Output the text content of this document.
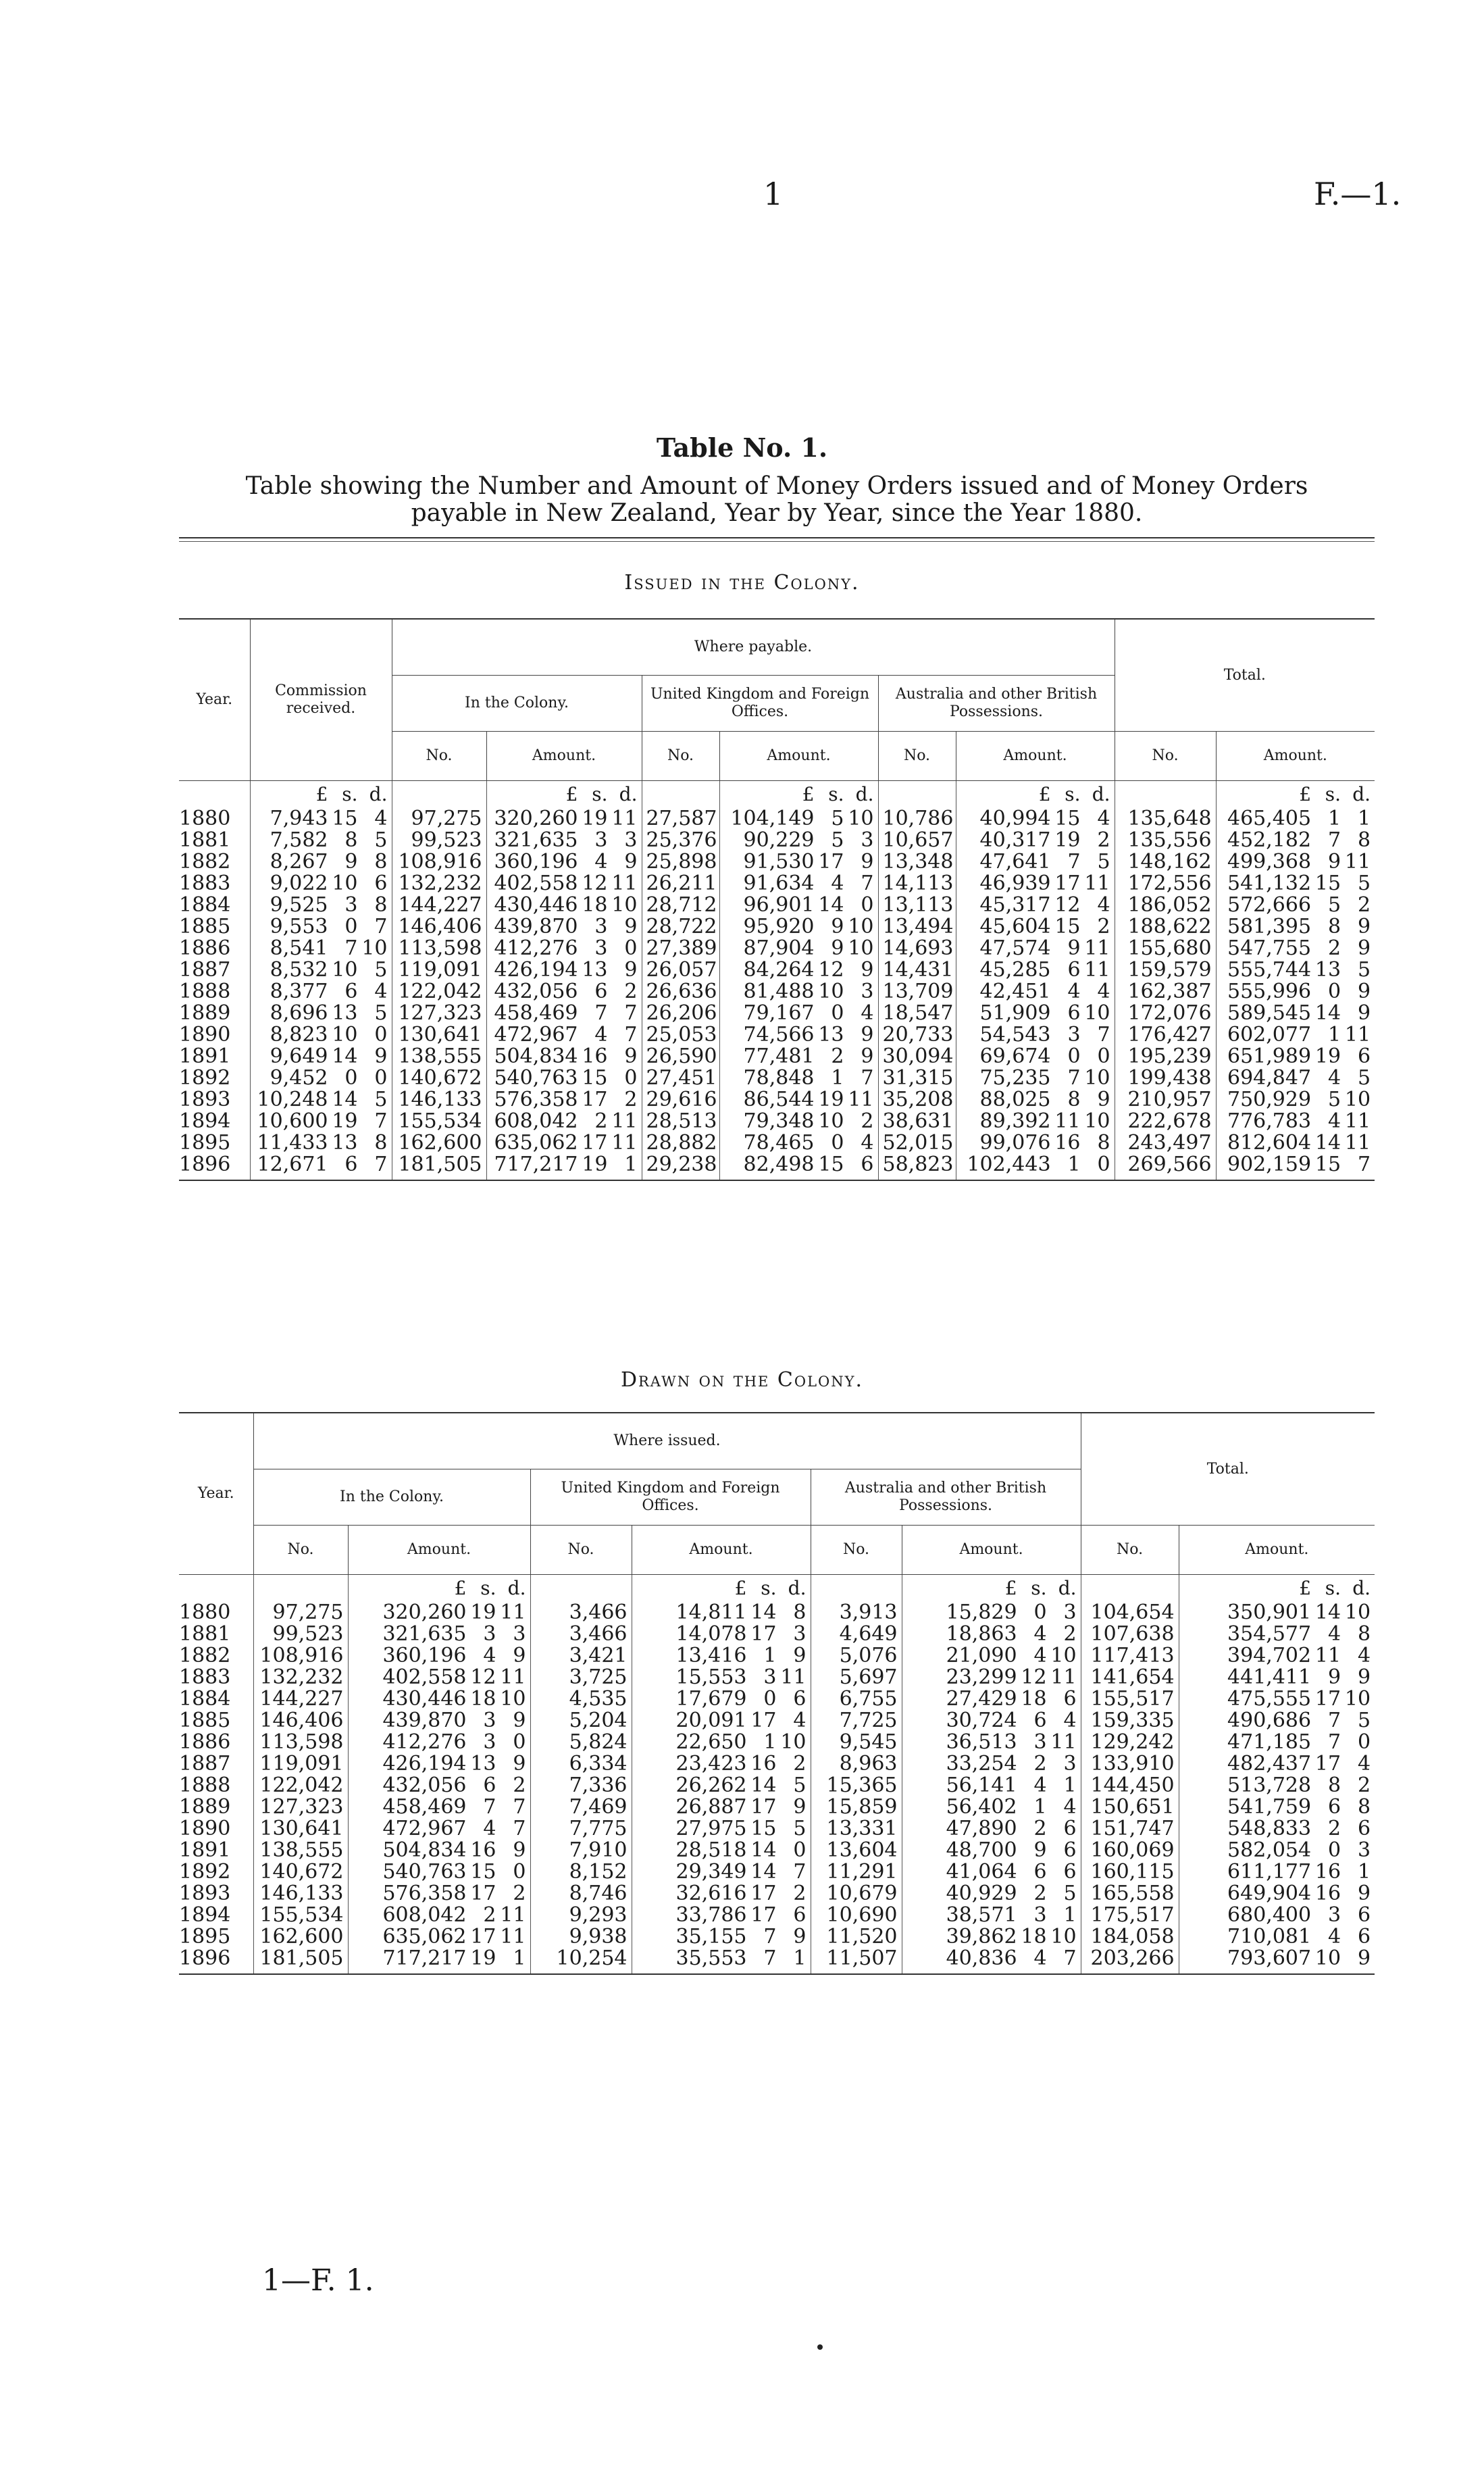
1	F.—1.
Table No. 1.
Table showing the Number and Amount of Money Orders issued and of Money Orders payable in New Zealand, Year by Year, since the Year 1880.
Issued in the Colony.
Year.	Commission received.	Where payable.						Total.	
		In the Colony.		United Kingdom and Foreign Offices.		Australia and other British Possessions.			
		No.	Amount.	No.	Amount.	No.	Amount.	No.	Amount.

	£ s. d.		£ s. d.		£ s. d.		£ s. d.		£ s. d.

1880	7,943 15 4	97,275	320,260 19 11	27,587	104,149 5 10	10,786	40,994 15 4	135,648	465,405 1 1

1881	7,582 8 5	99,523	321,635 3 3	25,376	90,229 5 3	10,657	40,317 19 2	135,556	452,182 7 8

1882	8,267 9 8	108,916	360,196 4 9	25,898	91,530 17 9	13,348	47,641 7 5	148,162	499,368 9 11

1883	9,022 10 6	132,232	402,558 12 11	26,211	91,634 4 7	14,113	46,939 17 11	172,556	541,132 15 5

1884	9,525 3 8	144,227	430,446 18 10	28,712	96,901 14 0	13,113	45,317 12 4	186,052	572,666 5 2

1885	9,553 0 7	146,406	439,870 3 9	28,722	95,920 9 10	13,494	45,604 15 2	188,622	581,395 8 9

1886	8,541 7 10	113,598	412,276 3 0	27,389	87,904 9 10	14,693	47,574 9 11	155,680	547,755 2 9

1887	8,532 10 5	119,091	426,194 13 9	26,057	84,264 12 9	14,431	45,285 6 11	159,579	555,744 13 5

1888	8,377 6 4	122,042	432,056 6 2	26,636	81,488 10 3	13,709	42,451 4 4	162,387	555,996 0 9

1889	8,696 13 5	127,323	458,469 7 7	26,206	79,167 0 4	18,547	51,909 6 10	172,076	589,545 14 9

1890	8,823 10 0	130,641	472,967 4 7	25,053	74,566 13 9	20,733	54,543 3 7	176,427	602,077 1 11

1891	9,649 14 9	138,555	504,834 16 9	26,590	77,481 2 9	30,094	69,674 0 0	195,239	651,989 19 6

1892	9,452 0 0	140,672	540,763 15 0	27,451	78,848 1 7	31,315	75,235 7 10	199,438	694,847 4 5

1893	10,248 14 5	146,133	576,358 17 2	29,616	86,544 19 11	35,208	88,025 8 9	210,957	750,929 5 10

1894	10,600 19 7	155,534	608,042 2 11	28,513	79,348 10 2	38,631	89,392 11 10	222,678	776,783 4 11

1895	11,433 13 8	162,600	635,062 17 11	28,882	78,465 0 4	52,015	99,076 16 8	243,497	812,604 14 11

1896	12,671 6 7	181,505	717,217 19 1	29,238	82,498 15 6	58,823	102,443 1 0	269,566	902,159 15 7
Drawn on the Colony.
Year.	Where issued.						Total.	
	In the Colony.		United Kingdom and Foreign Offices.		Australia and other British Possessions.			
	No.	Amount.	No.	Amount.	No.	Amount.	No.	Amount.

		£ s. d.		£ s. d.		£ s. d.		£ s. d.

1880	97,275	320,260 19 11	3,466	14,811 14 8	3,913	15,829 0 3	104,654	350,901 14 10

1881	99,523	321,635 3 3	3,466	14,078 17 3	4,649	18,863 4 2	107,638	354,577 4 8

1882	108,916	360,196 4 9	3,421	13,416 1 9	5,076	21,090 4 10	117,413	394,702 11 4

1883	132,232	402,558 12 11	3,725	15,553 3 11	5,697	23,299 12 11	141,654	441,411 9 9

1884	144,227	430,446 18 10	4,535	17,679 0 6	6,755	27,429 18 6	155,517	475,555 17 10

1885	146,406	439,870 3 9	5,204	20,091 17 4	7,725	30,724 6 4	159,335	490,686 7 5

1886	113,598	412,276 3 0	5,824	22,650 1 10	9,545	36,513 3 11	129,242	471,185 7 0

1887	119,091	426,194 13 9	6,334	23,423 16 2	8,963	33,254 2 3	133,910	482,437 17 4

1888	122,042	432,056 6 2	7,336	26,262 14 5	15,365	56,141 4 1	144,450	513,728 8 2

1889	127,323	458,469 7 7	7,469	26,887 17 9	15,859	56,402 1 4	150,651	541,759 6 8

1890	130,641	472,967 4 7	7,775	27,975 15 5	13,331	47,890 2 6	151,747	548,833 2 6

1891	138,555	504,834 16 9	7,910	28,518 14 0	13,604	48,700 9 6	160,069	582,054 0 3

1892	140,672	540,763 15 0	8,152	29,349 14 7	11,291	41,064 6 6	160,115	611,177 16 1

1893	146,133	576,358 17 2	8,746	32,616 17 2	10,679	40,929 2 5	165,558	649,904 16 9

1894	155,534	608,042 2 11	9,293	33,786 17 6	10,690	38,571 3 1	175,517	680,400 3 6

1895	162,600	635,062 17 11	9,938	35,155 7 9	11,520	39,862 18 10	184,058	710,081 4 6

1896	181,505	717,217 19 1	10,254	35,553 7 1	11,507	40,836 4 7	203,266	793,607 10 9
1—F. 1.
